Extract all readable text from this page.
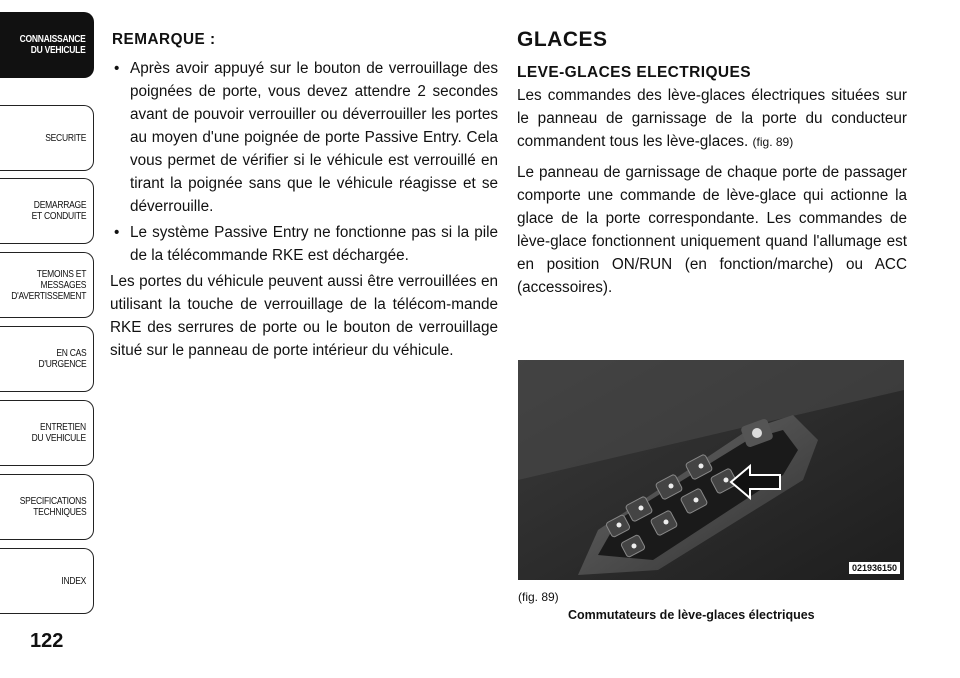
CONNAISSANCE
DU VEHICULE
SECURITE
DEMARRAGE
ET CONDUITE
TEMOINS ET
MESSAGES
D'AVERTISSEMENT
EN CAS
D'URGENCE
ENTRETIEN
DU VEHICULE
SPECIFICATIONS
TECHNIQUES
INDEX
122
REMARQUE :
• Après avoir appuyé sur le bouton de verrouillage des poignées de porte, vous devez attendre 2 secondes avant de pouvoir verrouiller ou déverrouiller les portes au moyen d'une poignée de porte Passive Entry. Cela vous permet de vérifier si le véhicule est verrouillé en tirant la poignée sans que le véhicule réagisse et se déverrouille.
• Le système Passive Entry ne fonctionne pas si la pile de la télécommande RKE est déchargée.
Les portes du véhicule peuvent aussi être verrouillées en utilisant la touche de verrouillage de la télécom-mande RKE des serrures de porte ou le bouton de verrouillage situé sur le panneau de porte intérieur du véhicule.
GLACES
LEVE-GLACES ELECTRIQUES
Les commandes des lève-glaces électriques situées sur le panneau de garnissage de la porte du conducteur commandent tous les lève-glaces. (fig. 89)
Le panneau de garnissage de chaque porte de passager comporte une commande de lève-glace qui actionne la glace de la porte correspondante. Les commandes de lève-glace fonctionnent uniquement quand l'allumage est en position ON/RUN (en fonction/marche) ou ACC (accessoires).
021936150
(fig. 89)
Commutateurs de lève-glaces électriques
